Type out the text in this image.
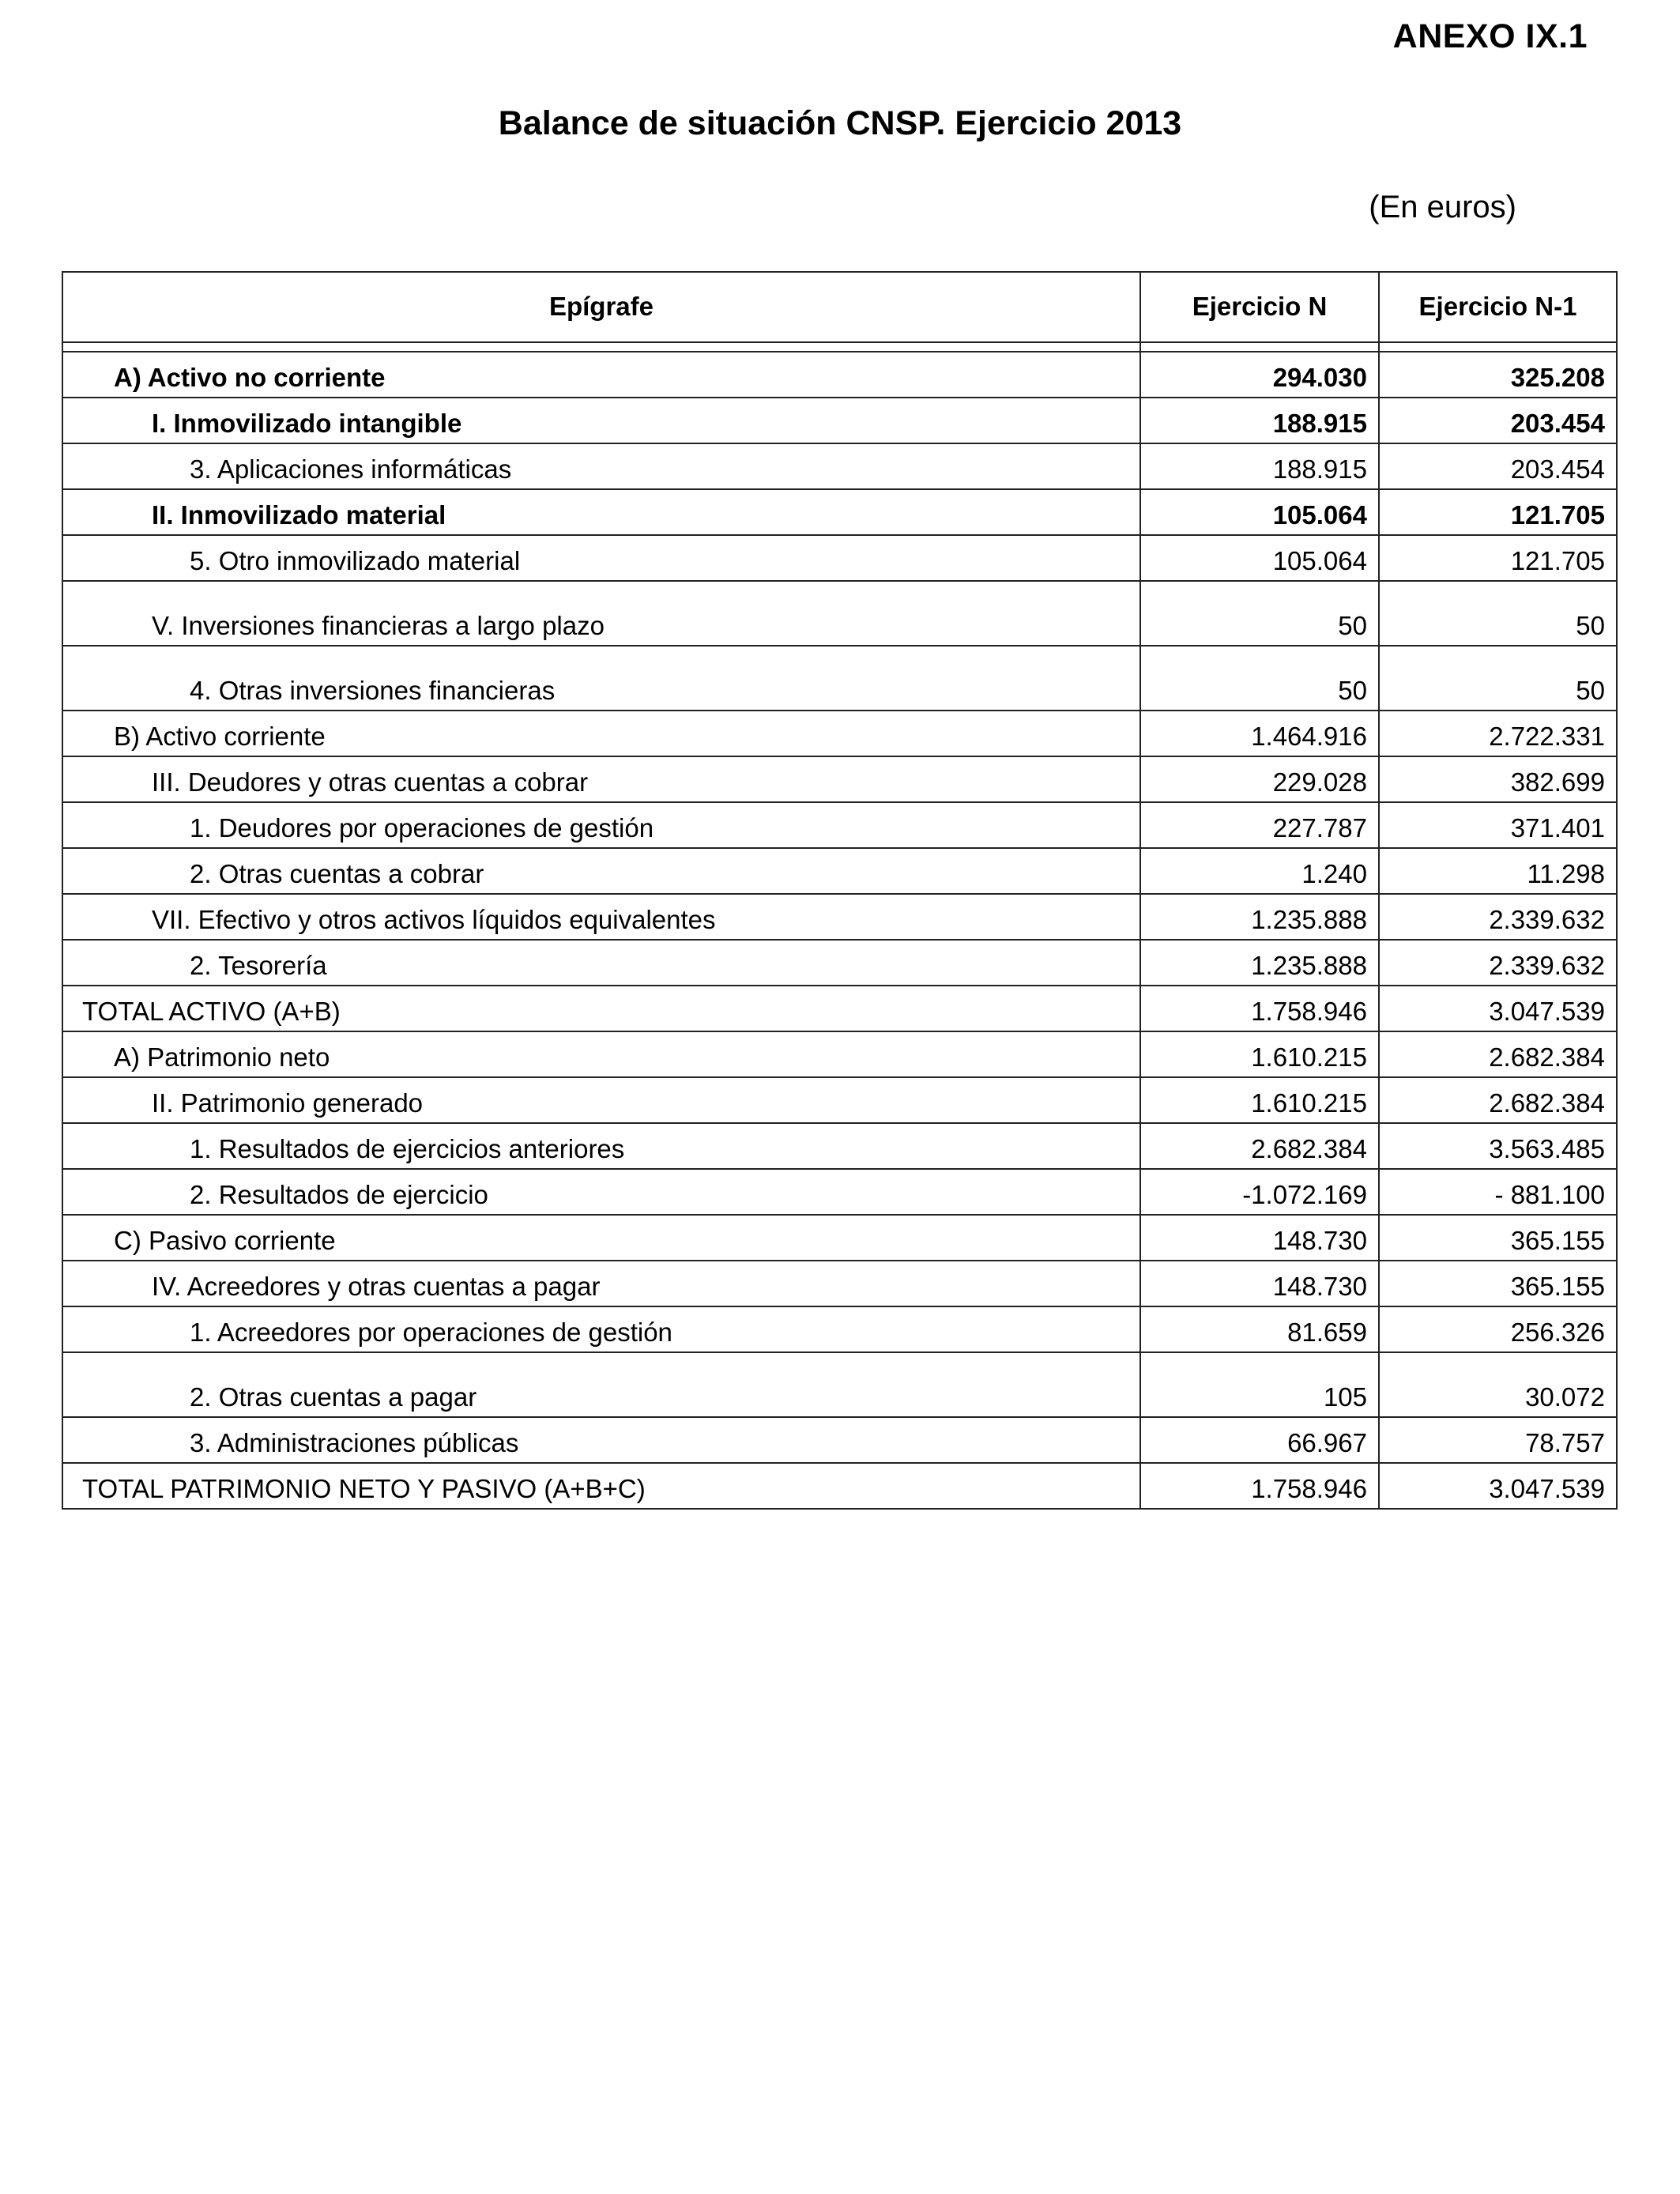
ANEXO IX.1
Balance de situación CNSP. Ejercicio 2013
(En euros)
Epígrafe	Ejercicio N	Ejercicio N-1

A) Activo no corriente	294.030	325.208
I. Inmovilizado intangible	188.915	203.454
3. Aplicaciones informáticas	188.915	203.454
II. Inmovilizado material	105.064	121.705
5. Otro inmovilizado material	105.064	121.705
V. Inversiones financieras a largo plazo	50	50
4. Otras inversiones financieras	50	50
B) Activo corriente	1.464.916	2.722.331
III. Deudores y otras cuentas a cobrar	229.028	382.699
1. Deudores por operaciones de gestión	227.787	371.401
2. Otras cuentas a cobrar	1.240	11.298
VII. Efectivo y otros activos líquidos equivalentes	1.235.888	2.339.632
2. Tesorería	1.235.888	2.339.632
TOTAL ACTIVO (A+B)	1.758.946	3.047.539
A) Patrimonio neto	1.610.215	2.682.384
II. Patrimonio generado	1.610.215	2.682.384
1. Resultados de ejercicios anteriores	2.682.384	3.563.485
2. Resultados de ejercicio	-1.072.169	- 881.100
C) Pasivo corriente	148.730	365.155
IV. Acreedores y otras cuentas a pagar	148.730	365.155
1. Acreedores por operaciones de gestión	81.659	256.326
2. Otras cuentas a pagar	105	30.072
3. Administraciones públicas	66.967	78.757
TOTAL PATRIMONIO NETO Y PASIVO (A+B+C)	1.758.946	3.047.539
